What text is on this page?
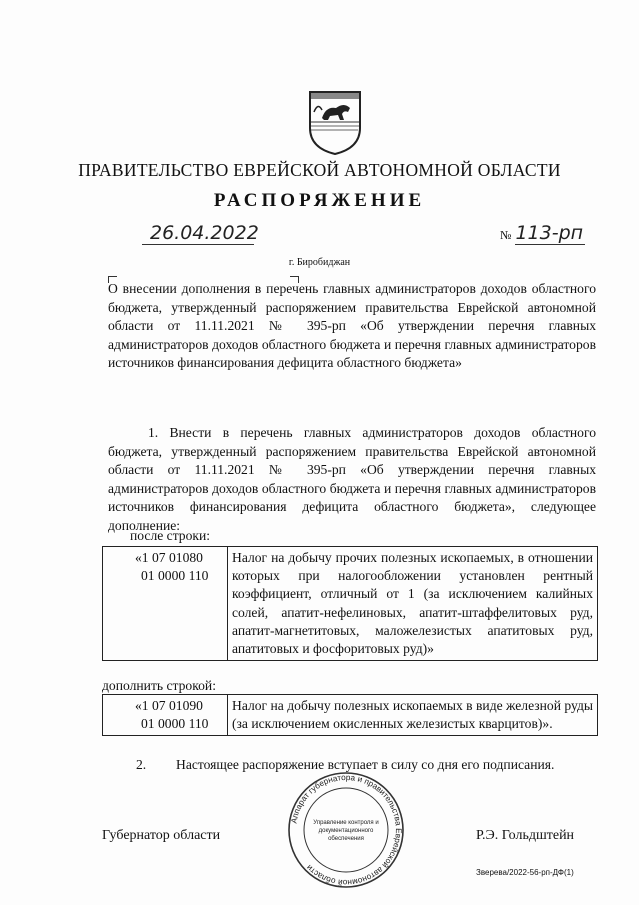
ПРАВИТЕЛЬСТВО ЕВРЕЙСКОЙ АВТОНОМНОЙ ОБЛАСТИ
РАСПОРЯЖЕНИЕ
26.04.2022	№ 113-рп
г. Биробиджан
О внесении дополнения в перечень главных администраторов доходов областного бюджета, утвержденный распоряжением правительства Еврейской автономной области от 11.11.2021 № 395-рп «Об утверждении перечня главных администраторов доходов областного бюджета и перечня главных администраторов источников финансирования дефицита областного бюджета»
1. Внести в перечень главных администраторов доходов областного бюджета, утвержденный распоряжением правительства Еврейской автономной области от 11.11.2021 № 395-рп «Об утверждении перечня главных администраторов доходов областного бюджета и перечня главных администраторов источников финансирования дефицита областного бюджета», следующее дополнение:
после строки:
«1 07 01080
01 0000 110
	Налог на добычу прочих полезных ископаемых, в отношении которых при налогообложении установлен рентный коэффициент, отличный от 1 (за исключением калийных солей, апатит-нефелиновых, апатит-штаффелитовых руд, апатит-магнетитовых, маложелезистых апатитовых руд, апатитовых и фосфоритовых руд)»
дополнить строкой:
«1 07 01090
01 0000 110
	Налог на добычу полезных ископаемых в виде железной руды (за исключением окисленных железистых кварцитов)».
2. Настоящее распоряжение вступает в силу со дня его подписания.
Аппарат губернатора и правительства Еврейской автономной области
Управление контроля и
документационного
обеспечения
Губернатор области	Р.Э. Гольдштейн
Зверева/2022-56-рп-ДФ(1)
